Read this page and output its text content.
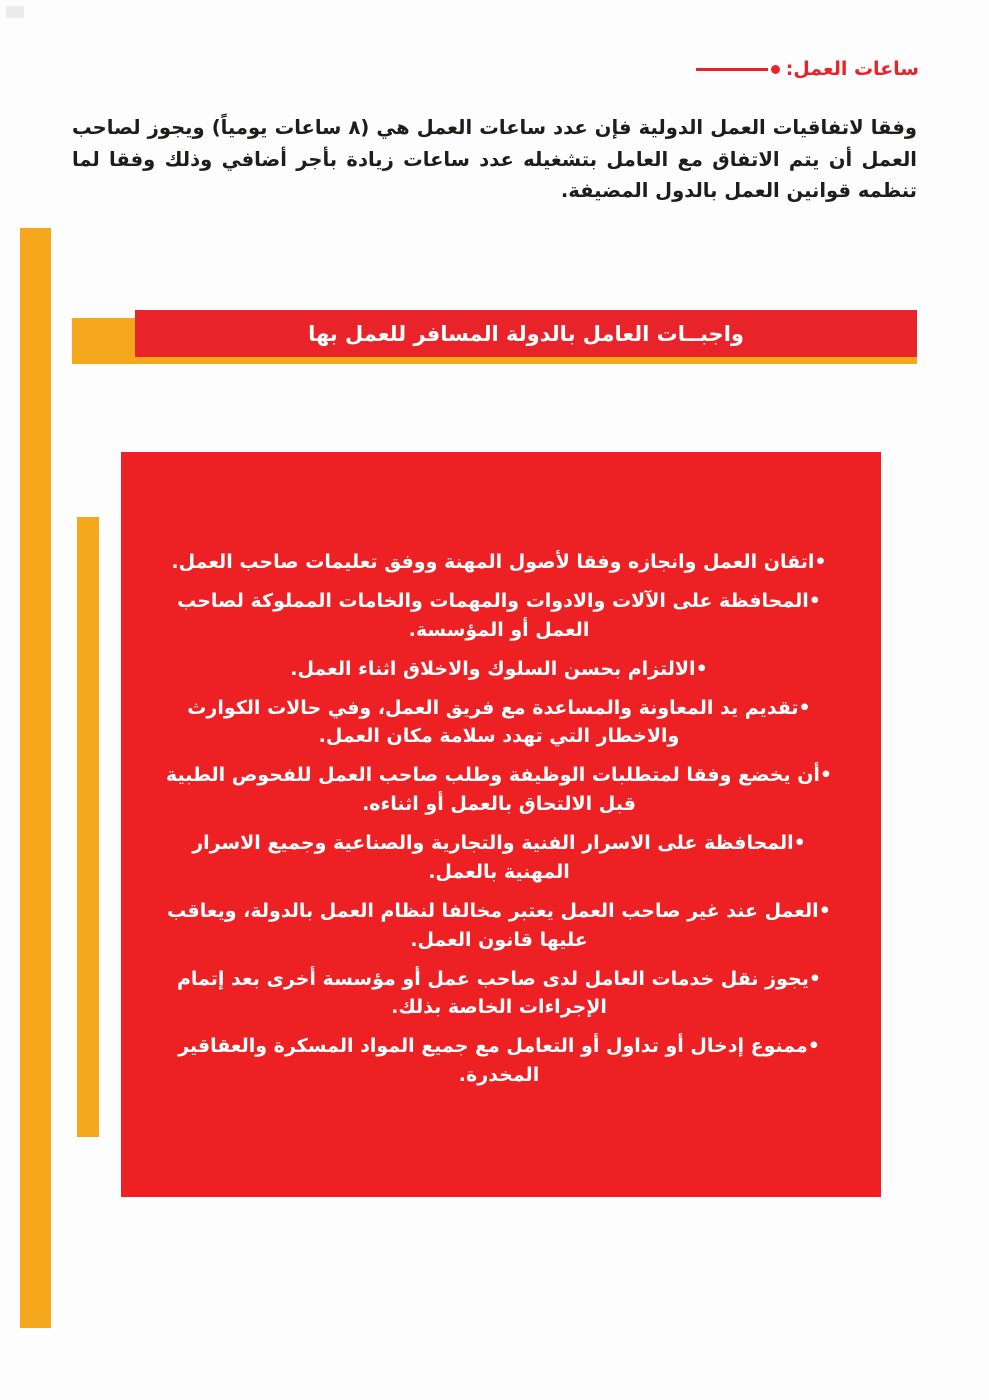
ساعات العمل:
وفقا لاتفاقيات العمل الدولية فإن عدد ساعات العمل هي (٨ ساعات يومياً) ويجوز لصاحب العمل أن يتم الاتفاق مع العامل بتشغيله عدد ساعات زيادة بأجر أضافي وذلك وفقا لما تنظمه قوانين العمل بالدول المضيفة.
واجبــات العامل بالدولة المسافر للعمل بها
•اتقان العمل وانجازه وفقا لأصول المهنة ووفق تعليمات صاحب العمل.
•المحافظة على الآلات والادوات والمهمات والخامات المملوكة لصاحب العمل أو المؤسسة.
•الالتزام بحسن السلوك والاخلاق اثناء العمل.
•تقديم يد المعاونة والمساعدة مع فريق العمل، وفي حالات الكوارث والاخطار التي تهدد سلامة مكان العمل.
•أن يخضع وفقا لمتطلبات الوظيفة وطلب صاحب العمل للفحوص الطبية قبل الالتحاق بالعمل أو اثناءه.
•المحافظة على الاسرار الفنية والتجارية والصناعية وجميع الاسرار المهنية بالعمل.
•العمل عند غير صاحب العمل يعتبر مخالفا لنظام العمل بالدولة، ويعاقب عليها قانون العمل.
•يجوز نقل خدمات العامل لدى صاحب عمل أو مؤسسة أخرى بعد إتمام الإجراءات الخاصة بذلك.
•ممنوع إدخال أو تداول أو التعامل مع جميع المواد المسكرة والعقاقير المخدرة.
